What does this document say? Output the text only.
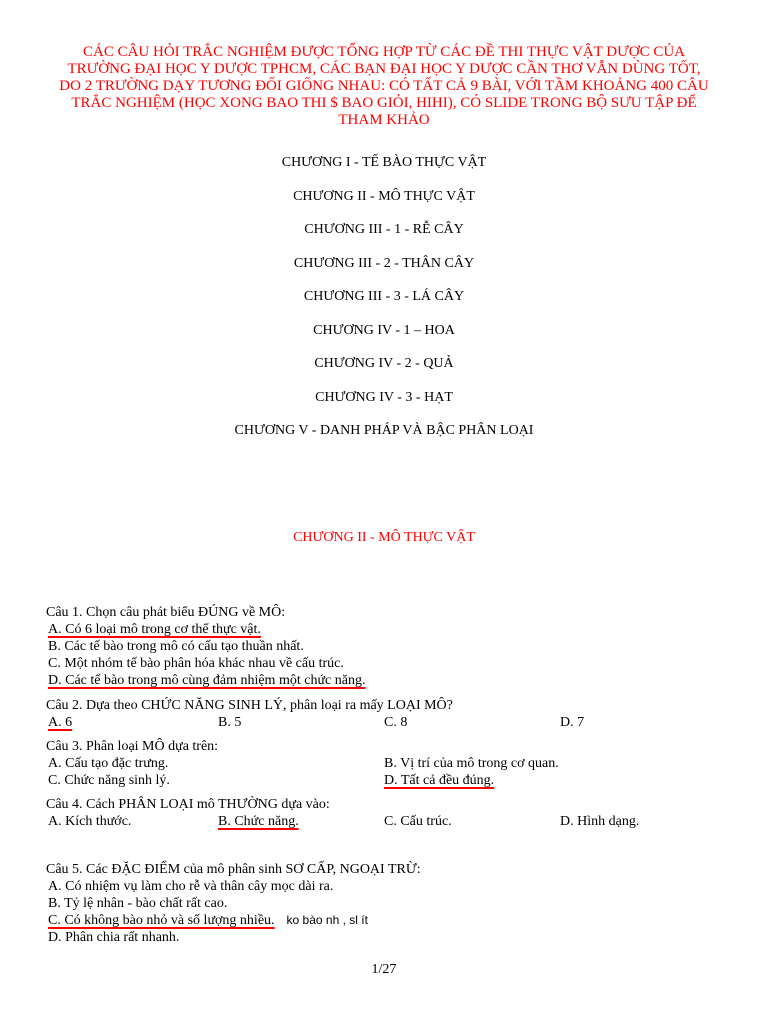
CÁC CÂU HỎI TRẮC NGHIỆM ĐƯỢC TỔNG HỢP TỪ CÁC ĐỀ THI THỰC VẬT DƯỢC CỦA TRƯỜNG ĐẠI HỌC Y DƯỢC TPHCM, CÁC BẠN ĐẠI HỌC Y DƯỢC CẦN THƠ VẪN DÙNG TỐT, DO 2 TRƯỜNG DẠY TƯƠNG ĐỐI GIỐNG NHAU: CÓ TẤT CẢ 9 BÀI, VỚI TẦM KHOẢNG 400 CÂU TRẮC NGHIỆM (HỌC XONG BAO THI $ BAO GIỎI, HIHI), CÓ SLIDE TRONG BỘ SƯU TẬP ĐỂ THAM KHẢO
CHƯƠNG I - TẾ BÀO THỰC VẬT
CHƯƠNG II - MÔ THỰC VẬT
CHƯƠNG III - 1 - RỄ CÂY
CHƯƠNG III - 2 - THÂN CÂY
CHƯƠNG III - 3 - LÁ CÂY
CHƯƠNG IV - 1 – HOA
CHƯƠNG IV - 2 - QUẢ
CHƯƠNG IV - 3 - HẠT
CHƯƠNG V - DANH PHÁP VÀ BẬC PHÂN LOẠI
CHƯƠNG II - MÔ THỰC VẬT
Câu 1. Chọn câu phát biểu ĐÚNG về MÔ:
A. Có 6 loại mô trong cơ thể thực vật.
B. Các tế bào trong mô có cấu tạo thuần nhất.
C. Một nhóm tế bào phân hóa khác nhau về cấu trúc.
D. Các tế bào trong mô cùng đảm nhiệm một chức năng.
Câu 2. Dựa theo CHỨC NĂNG SINH LÝ, phân loại ra mấy LOẠI MÔ?
A. 6	B. 5	C. 8	D. 7
Câu 3. Phân loại MÔ dựa trên:
A. Cấu tạo đặc trưng.	B. Vị trí của mô trong cơ quan.
C. Chức năng sinh lý.	D. Tất cả đều đúng.
Câu 4. Cách PHÂN LOẠI mô THƯỜNG dựa vào:
A. Kích thước.	B. Chức năng.	C. Cấu trúc.	D. Hình dạng.
Câu 5. Các ĐẶC ĐIỂM của mô phân sinh SƠ CẤP, NGOẠI TRỪ:
A. Có nhiệm vụ làm cho rễ và thân cây mọc dài ra.
B. Tỷ lệ nhân - bào chất rất cao.
C. Có không bào nhỏ và số lượng nhiều. ko bào nh , sl ít
D. Phân chia rất nhanh.
1/27
